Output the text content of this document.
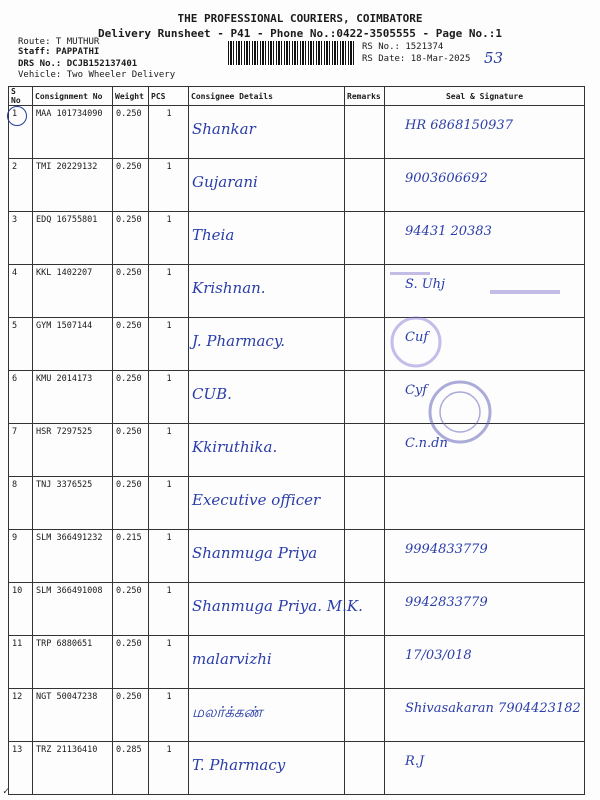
THE PROFESSIONAL COURIERS, COIMBATORE
Delivery Runsheet - P41 - Phone No.:0422-3505555 - Page No.:1
Route: T MUTHUR
Staff: PAPPATHI
DRS No.: DCJB152137401
Vehicle: Two Wheeler Delivery
RS No.: 1521374
RS Date: 18-Mar-2025 53
S No	Consignment No	Weight	PCS	Consignee Details	Remarks	Seal & Signature
1	MAA 101734090	0.250	1	Shankar		HR 6868150937
2	TMI 20229132	0.250	1	Gujarani		9003606692
3	EDQ 16755801	0.250	1	Theia		94431 20383
4	KKL 1402207	0.250	1	Krishnan.		S. Uhj
5	GYM 1507144	0.250	1	J. Pharmacy.		Cuf
6	KMU 2014173	0.250	1	CUB.		Cyf
7	HSR 7297525	0.250	1	Kkiruthika.		C.n.dn
8	TNJ 3376525	0.250	1	Executive officer		
9	SLM 366491232	0.215	1	Shanmuga Priya		9994833779
10	SLM 366491008	0.250	1	Shanmuga Priya. M.K.		9942833779
11	TRP 6880651	0.250	1	malarvizhi		17/03/018
12	NGT 50047238	0.250	1	மலர்க்கண்		Shivasakaran 7904423182
13	TRZ 21136410	0.285	1	T. Pharmacy		R.J
✓
